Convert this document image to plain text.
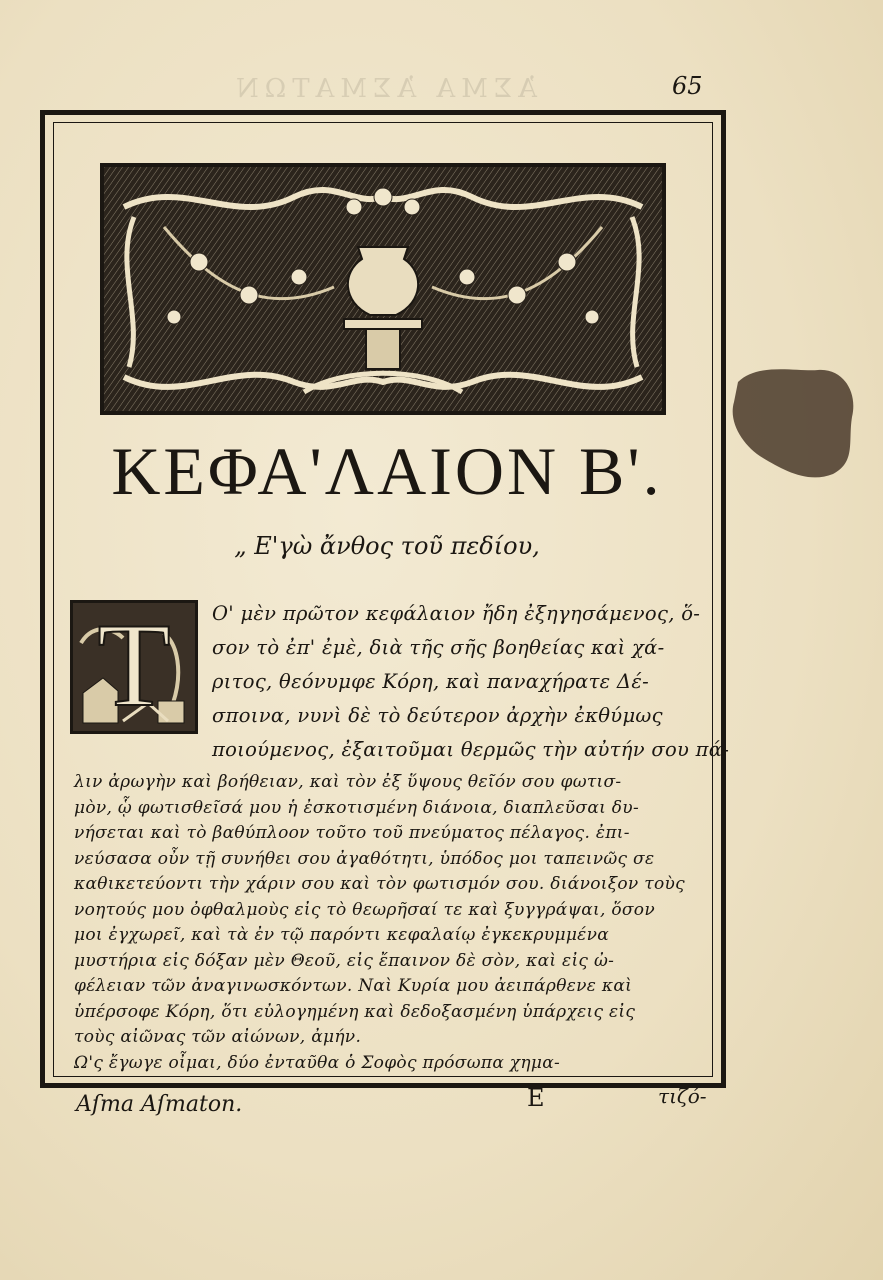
ἈΣΜΑ ἈΣΜΑΤΩΝ	65
ΚΕΦΑ'ΛΑΙΟΝ Β'.
„ Ε'γὼ ἄνθος τοῦ πεδίου,
Τ	Ο' μὲν πρῶτον κεφάλαιον ἤδη ἐξηγησάμενος, ὅ-
σον τὸ ἐπ' ἐμὲ, διὰ τῆς σῆς βοηθείας καὶ χά-
ριτος, θεόνυμφε Κόρη, καὶ παναχήρατε Δέ-
σποινα, νυνὶ δὲ τὸ δεύτερον ἀρχὴν ἐκθύμως
ποιούμενος, ἐξαιτοῦμαι θερμῶς τὴν αὐτήν σου πά-
Aſma Aſmaton.	E	τιζό-
λιν ἀρωγὴν καὶ βοήθειαν, καὶ τὸν ἐξ ὕψους θεῖόν σου φωτισ-
μὸν, ᾧ φωτισθεῖσά μου ἡ ἐσκοτισμένη διάνοια, διαπλεῦσαι δυ-
νήσεται καὶ τὸ βαθύπλοον τοῦτο τοῦ πνεύματος πέλαγος. ἐπι-
νεύσασα οὖν τῇ συνήθει σου ἀγαθότητι, ὑπόδος μοι ταπεινῶς σε
καθικετεύοντι τὴν χάριν σου καὶ τὸν φωτισμόν σου. διάνοιξον τοὺς
νοητούς μου ὀφθαλμοὺς εἰς τὸ θεωρῆσαί τε καὶ ξυγγράψαι, ὅσον
μοι ἐγχωρεῖ, καὶ τὰ ἐν τῷ παρόντι κεφαλαίῳ ἐγκεκρυμμένα
μυστήρια εἰς δόξαν μὲν Θεοῦ, εἰς ἔπαινον δὲ σὸν, καὶ εἰς ὠ-
φέλειαν τῶν ἀναγινωσκόντων. Ναὶ Κυρία μου ἀειπάρθενε καὶ
ὑπέρσοφε Κόρη, ὅτι εὐλογημένη καὶ δεδοξασμένη ὑπάρχεις εἰς
τοὺς αἰῶνας τῶν αἰώνων, ἀμήν.
Ω'ς ἔγωγε οἶμαι, δύο ἐνταῦθα ὁ Σοφὸς πρόσωπα χημα-
